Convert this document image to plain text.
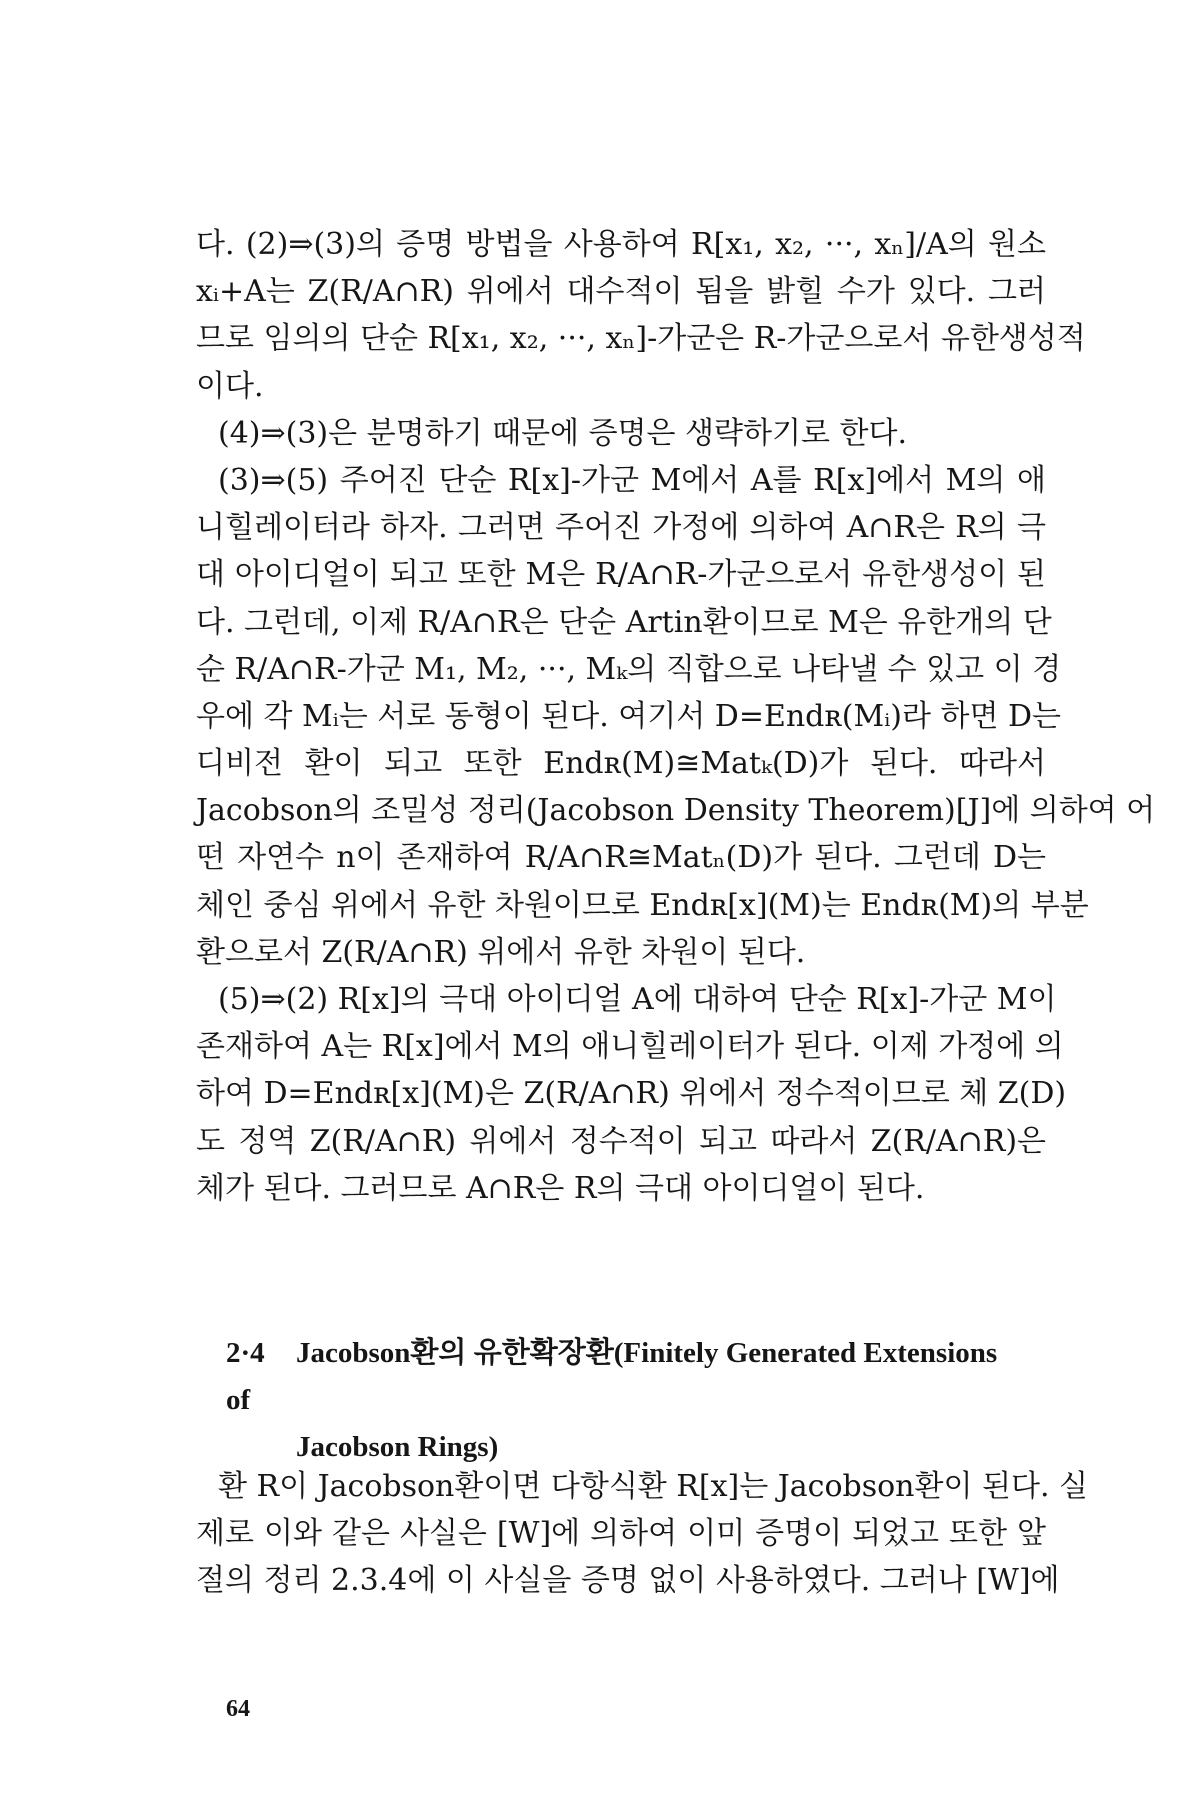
다. (2)⇒(3)의 증명 방법을 사용하여 R[x₁, x₂, ···, xₙ]/A의 원소
xᵢ+A는 Z(R/A∩R) 위에서 대수적이 됨을 밝힐 수가 있다. 그러
므로 임의의 단순 R[x₁, x₂, ···, xₙ]-가군은 R-가군으로서 유한생성적
이다.
(4)⇒(3)은 분명하기 때문에 증명은 생략하기로 한다.
(3)⇒(5) 주어진 단순 R[x]-가군 M에서 A를 R[x]에서 M의 애
니힐레이터라 하자. 그러면 주어진 가정에 의하여 A∩R은 R의 극
대 아이디얼이 되고 또한 M은 R/A∩R-가군으로서 유한생성이 된
다. 그런데, 이제 R/A∩R은 단순 Artin환이므로 M은 유한개의 단
순 R/A∩R-가군 M₁, M₂, ···, Mₖ의 직합으로 나타낼 수 있고 이 경
우에 각 Mᵢ는 서로 동형이 된다. 여기서 D=Endʀ(Mᵢ)라 하면 D는
디비전 환이 되고 또한 Endʀ(M)≅Matₖ(D)가 된다. 따라서
Jacobson의 조밀성 정리(Jacobson Density Theorem)[J]에 의하여 어
떤 자연수 n이 존재하여 R/A∩R≅Matₙ(D)가 된다. 그런데 D는
체인 중심 위에서 유한 차원이므로 Endʀ[x](M)는 Endʀ(M)의 부분
환으로서 Z(R/A∩R) 위에서 유한 차원이 된다.
(5)⇒(2) R[x]의 극대 아이디얼 A에 대하여 단순 R[x]-가군 M이
존재하여 A는 R[x]에서 M의 애니힐레이터가 된다. 이제 가정에 의
하여 D=Endʀ[x](M)은 Z(R/A∩R) 위에서 정수적이므로 체 Z(D)
도 정역 Z(R/A∩R) 위에서 정수적이 되고 따라서 Z(R/A∩R)은
체가 된다. 그러므로 A∩R은 R의 극대 아이디얼이 된다.
2·4 Jacobson환의 유한확장환(Finitely Generated Extensions of
Jacobson Rings)
환 R이 Jacobson환이면 다항식환 R[x]는 Jacobson환이 된다. 실
제로 이와 같은 사실은 [W]에 의하여 이미 증명이 되었고 또한 앞
절의 정리 2.3.4에 이 사실을 증명 없이 사용하였다. 그러나 [W]에
64
